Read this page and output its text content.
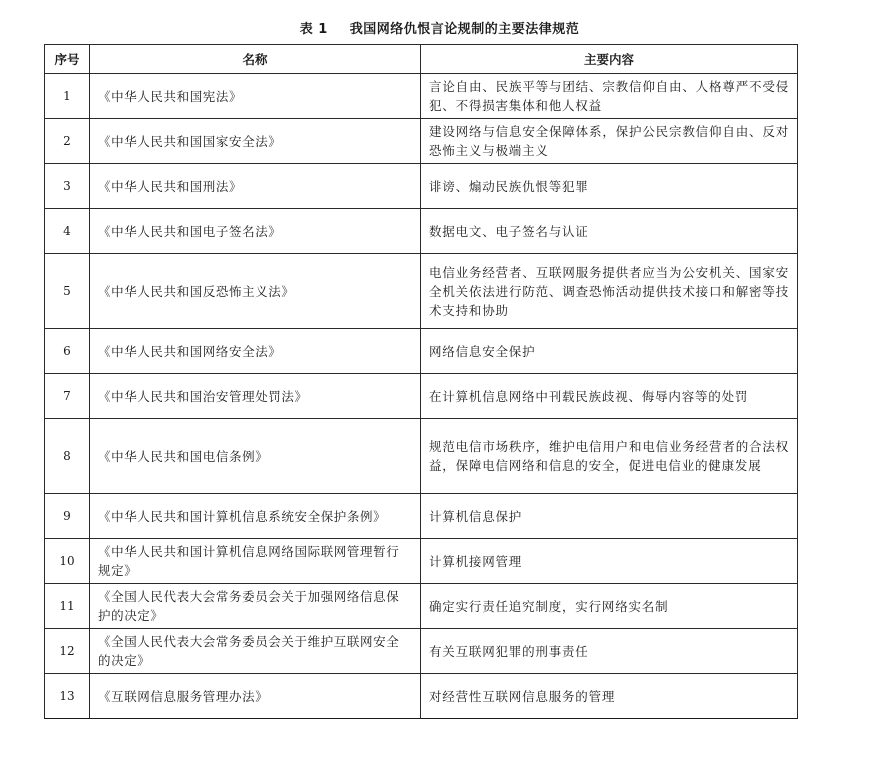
表 1 我国网络仇恨言论规制的主要法律规范
序号	名称	主要内容
1	《中华人民共和国宪法》	言论自由、民族平等与团结、宗教信仰自由、人格尊严不受侵犯、不得损害集体和他人权益
2	《中华人民共和国国家安全法》	建设网络与信息安全保障体系，保护公民宗教信仰自由、反对恐怖主义与极端主义
3	《中华人民共和国刑法》	诽谤、煽动民族仇恨等犯罪
4	《中华人民共和国电子签名法》	数据电文、电子签名与认证
5	《中华人民共和国反恐怖主义法》	电信业务经营者、互联网服务提供者应当为公安机关、国家安全机关依法进行防范、调查恐怖活动提供技术接口和解密等技术支持和协助
6	《中华人民共和国网络安全法》	网络信息安全保护
7	《中华人民共和国治安管理处罚法》	在计算机信息网络中刊载民族歧视、侮辱内容等的处罚
8	《中华人民共和国电信条例》	规范电信市场秩序，维护电信用户和电信业务经营者的合法权益，保障电信网络和信息的安全，促进电信业的健康发展
9	《中华人民共和国计算机信息系统安全保护条例》	计算机信息保护
10	《中华人民共和国计算机信息网络国际联网管理暂行规定》	计算机接网管理
11	《全国人民代表大会常务委员会关于加强网络信息保护的决定》	确定实行责任追究制度，实行网络实名制
12	《全国人民代表大会常务委员会关于维护互联网安全的决定》	有关互联网犯罪的刑事责任
13	《互联网信息服务管理办法》	对经营性互联网信息服务的管理
